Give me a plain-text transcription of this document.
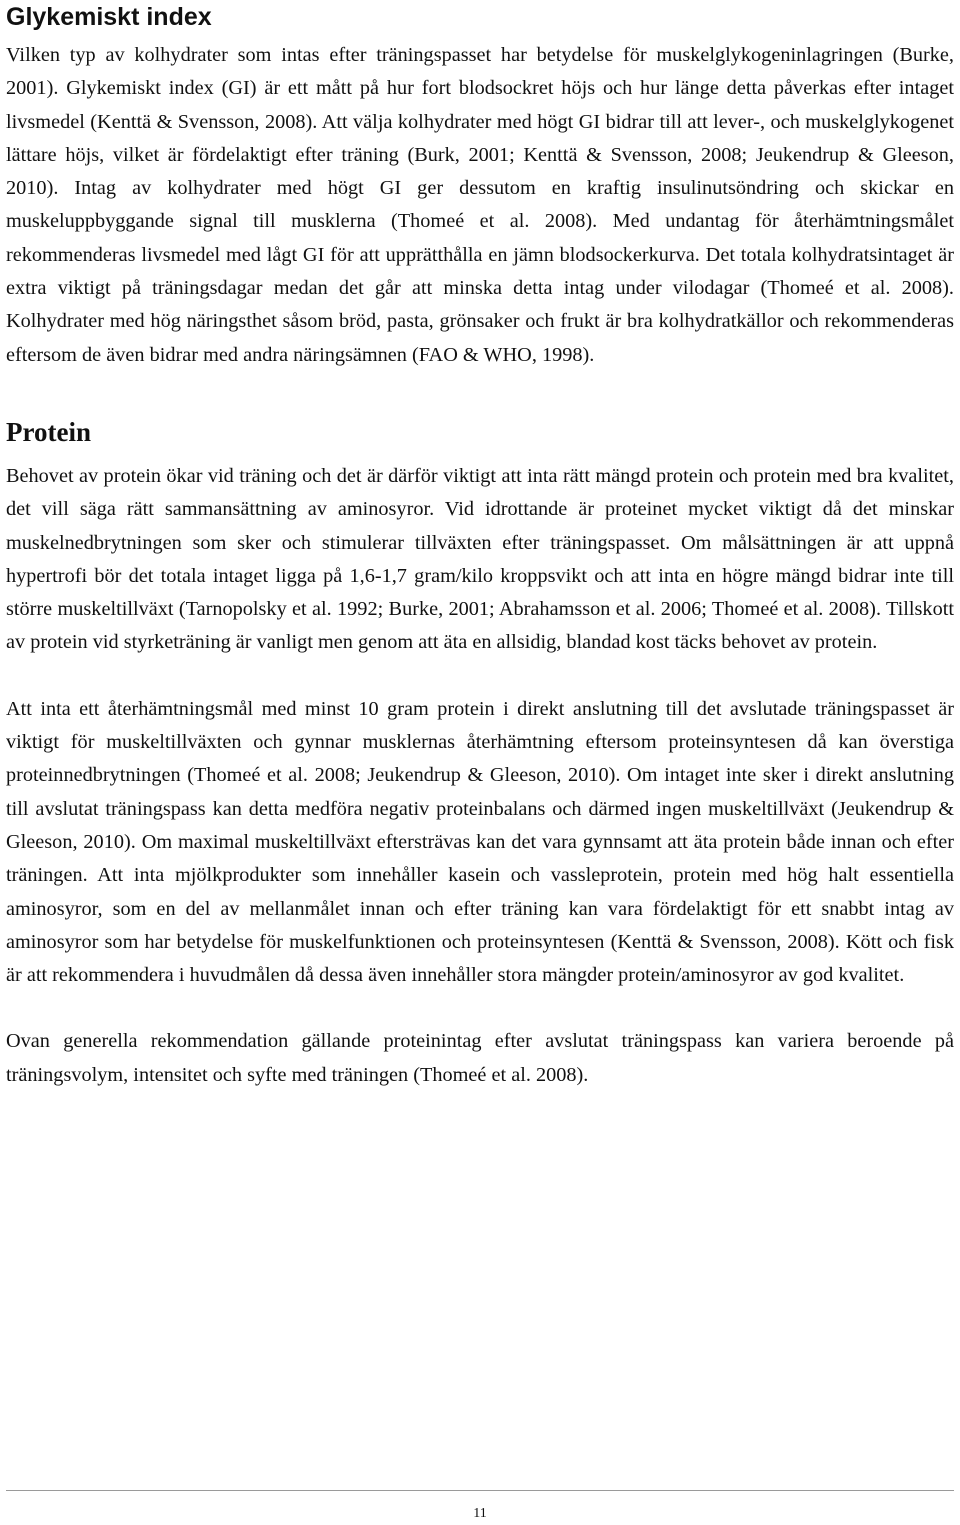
Glykemiskt index

Vilken typ av kolhydrater som intas efter träningspasset har betydelse för muskelglykogeninlagringen (Burke, 2001). Glykemiskt index (GI) är ett mått på hur fort blodsockret höjs och hur länge detta påverkas efter intaget livsmedel (Kenttä & Svensson, 2008). Att välja kolhydrater med högt GI bidrar till att lever-, och muskelglykogenet lättare höjs, vilket är fördelaktigt efter träning (Burk, 2001; Kenttä & Svensson, 2008; Jeukendrup & Gleeson, 2010). Intag av kolhydrater med högt GI ger dessutom en kraftig insulinutsöndring och skickar en muskeluppbyggande signal till musklerna (Thomeé et al. 2008). Med undantag för återhämtningsmålet rekommenderas livsmedel med lågt GI för att upprätthålla en jämn blodsockerkurva. Det totala kolhydratsintaget är extra viktigt på träningsdagar medan det går att minska detta intag under vilodagar (Thomeé et al. 2008). Kolhydrater med hög näringsthet såsom bröd, pasta, grönsaker och frukt är bra kolhydratkällor och rekommenderas eftersom de även bidrar med andra näringsämnen (FAO & WHO, 1998).

Protein

Behovet av protein ökar vid träning och det är därför viktigt att inta rätt mängd protein och protein med bra kvalitet, det vill säga rätt sammansättning av aminosyror. Vid idrottande är proteinet mycket viktigt då det minskar muskelnedbrytningen som sker och stimulerar tillväxten efter träningspasset. Om målsättningen är att uppnå hypertrofi bör det totala intaget ligga på 1,6-1,7 gram/kilo kroppsvikt och att inta en högre mängd bidrar inte till större muskeltillväxt (Tarnopolsky et al. 1992; Burke, 2001; Abrahamsson et al. 2006; Thomeé et al. 2008). Tillskott av protein vid styrketräning är vanligt men genom att äta en allsidig, blandad kost täcks behovet av protein.

Att inta ett återhämtningsmål med minst 10 gram protein i direkt anslutning till det avslutade träningspasset är viktigt för muskeltillväxten och gynnar musklernas återhämtning eftersom proteinsyntesen då kan överstiga proteinnedbrytningen (Thomeé et al. 2008; Jeukendrup & Gleeson, 2010). Om intaget inte sker i direkt anslutning till avslutat träningspass kan detta medföra negativ proteinbalans och därmed ingen muskeltillväxt (Jeukendrup & Gleeson, 2010). Om maximal muskeltillväxt eftersträvas kan det vara gynnsamt att äta protein både innan och efter träningen. Att inta mjölkprodukter som innehåller kasein och vassleprotein, protein med hög halt essentiella aminosyror, som en del av mellanmålet innan och efter träning kan vara fördelaktigt för ett snabbt intag av aminosyror som har betydelse för muskelfunktionen och proteinsyntesen (Kenttä & Svensson, 2008). Kött och fisk är att rekommendera i huvudmålen då dessa även innehåller stora mängder protein/aminosyror av god kvalitet.

Ovan generella rekommendation gällande proteinintag efter avslutat träningspass kan variera beroende på träningsvolym, intensitet och syfte med träningen (Thomeé et al. 2008).

11
